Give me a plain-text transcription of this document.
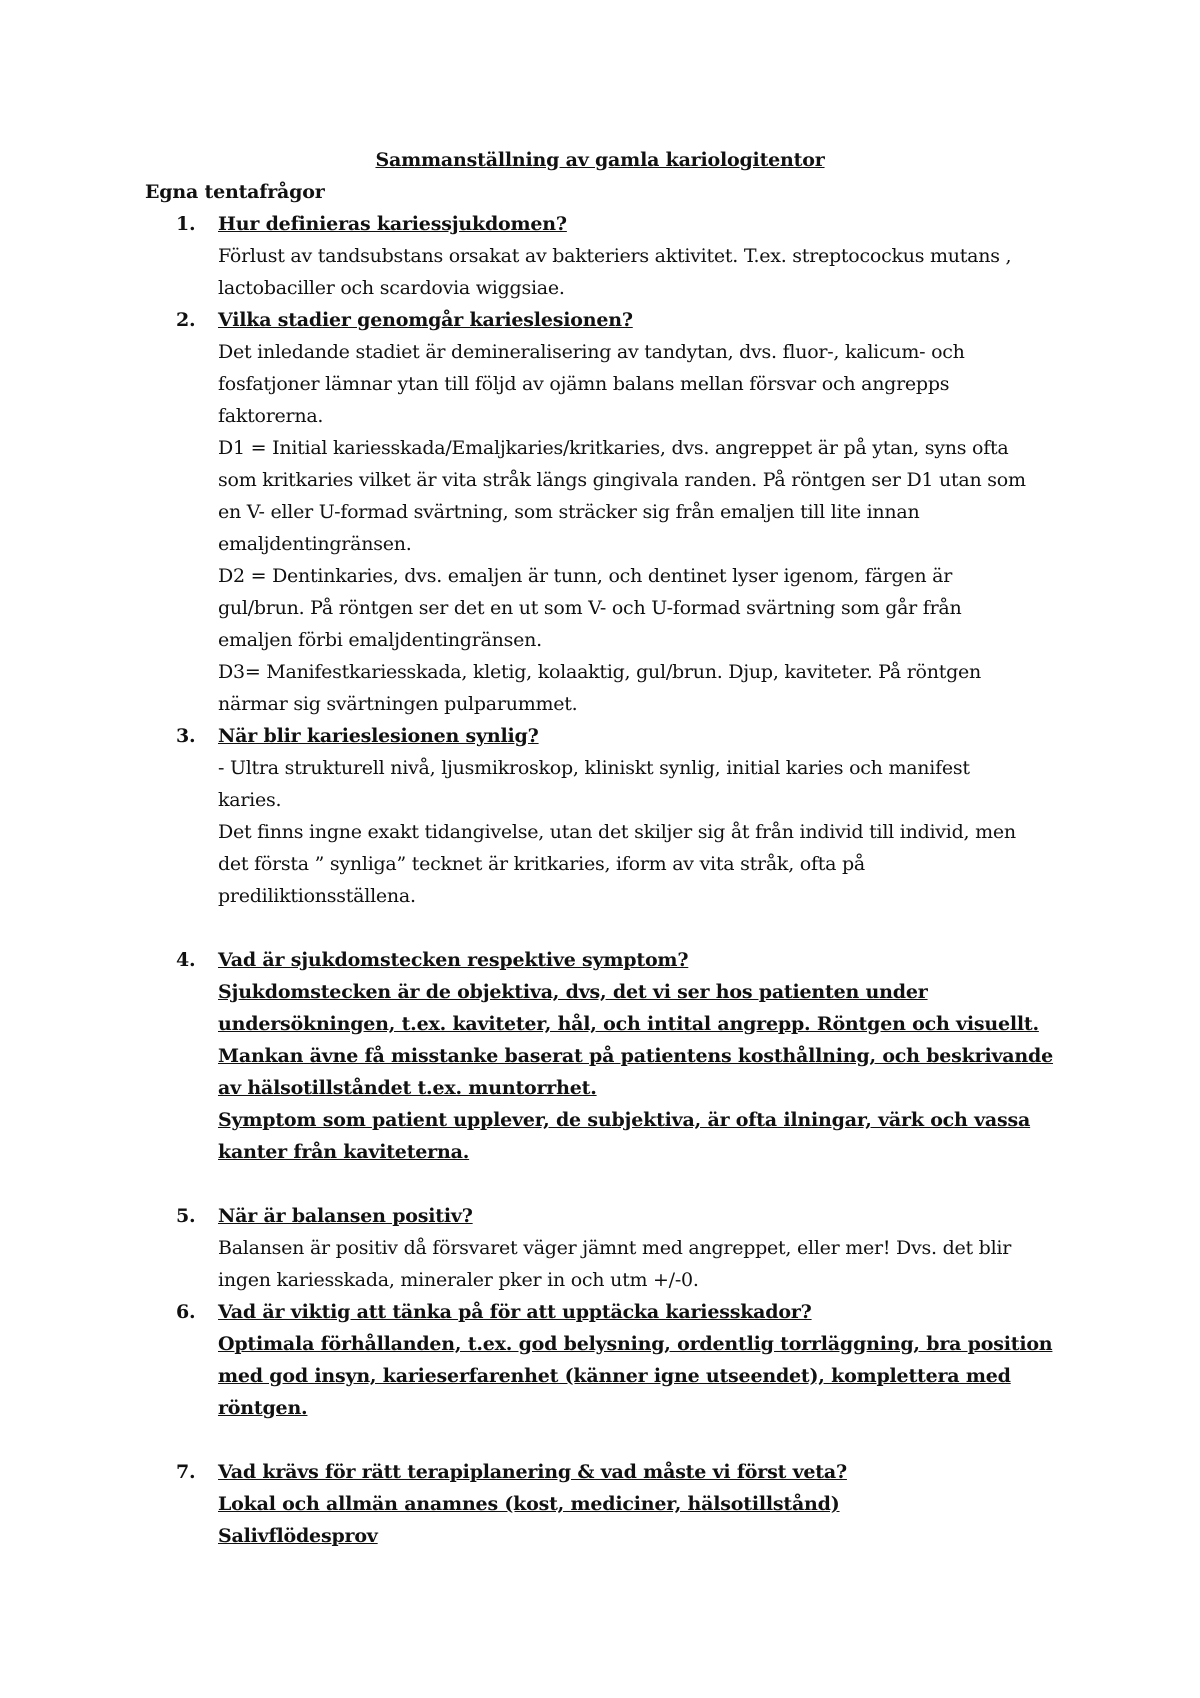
Sammanställning av gamla kariologitentor
Egna tentafrågor
1. Hur definieras kariessjukdomen?
Förlust av tandsubstans orsakat av bakteriers aktivitet. T.ex. streptocockus mutans ,
lactobaciller och scardovia wiggsiae.
2. Vilka stadier genomgår karieslesionen?
Det inledande stadiet är demineralisering av tandytan, dvs. fluor-, kalicum- och
fosfatjoner lämnar ytan till följd av ojämn balans mellan försvar och angrepps
faktorerna.
D1 = Initial kariesskada/Emaljkaries/kritkaries, dvs. angreppet är på ytan, syns ofta
som kritkaries vilket är vita stråk längs gingivala randen. På röntgen ser D1 utan som
en V- eller U-formad svärtning, som sträcker sig från emaljen till lite innan
emaljdentingränsen.
D2 = Dentinkaries, dvs. emaljen är tunn, och dentinet lyser igenom, färgen är
gul/brun. På röntgen ser det en ut som V- och U-formad svärtning som går från
emaljen förbi emaljdentingränsen.
D3= Manifestkariesskada, kletig, kolaaktig, gul/brun. Djup, kaviteter. På röntgen
närmar sig svärtningen pulparummet.
3. När blir karieslesionen synlig?
- Ultra strukturell nivå, ljusmikroskop, kliniskt synlig, initial karies och manifest
karies.
Det finns ingne exakt tidangivelse, utan det skiljer sig åt från individ till individ, men
det första ” synliga” tecknet är kritkaries, iform av vita stråk, ofta på
prediliktionsställena.
4. Vad är sjukdomstecken respektive symptom?
Sjukdomstecken är de objektiva, dvs, det vi ser hos patienten under
undersökningen, t.ex. kaviteter, hål, och intital angrepp. Röntgen och visuellt.
Mankan ävne få misstanke baserat på patientens kosthållning, och beskrivande
av hälsotillståndet t.ex. muntorrhet.
Symptom som patient upplever, de subjektiva, är ofta ilningar, värk och vassa
kanter från kaviteterna.
5. När är balansen positiv?
Balansen är positiv då försvaret väger jämnt med angreppet, eller mer! Dvs. det blir
ingen kariesskada, mineraler pker in och utm +/-0.
6. Vad är viktig att tänka på för att upptäcka kariesskador?
Optimala förhållanden, t.ex. god belysning, ordentlig torrläggning, bra position
med god insyn, karieserfarenhet (känner igne utseendet), komplettera med
röntgen.
7. Vad krävs för rätt terapiplanering & vad måste vi först veta?
Lokal och allmän anamnes (kost, mediciner, hälsotillstånd)
Salivflödesprov
